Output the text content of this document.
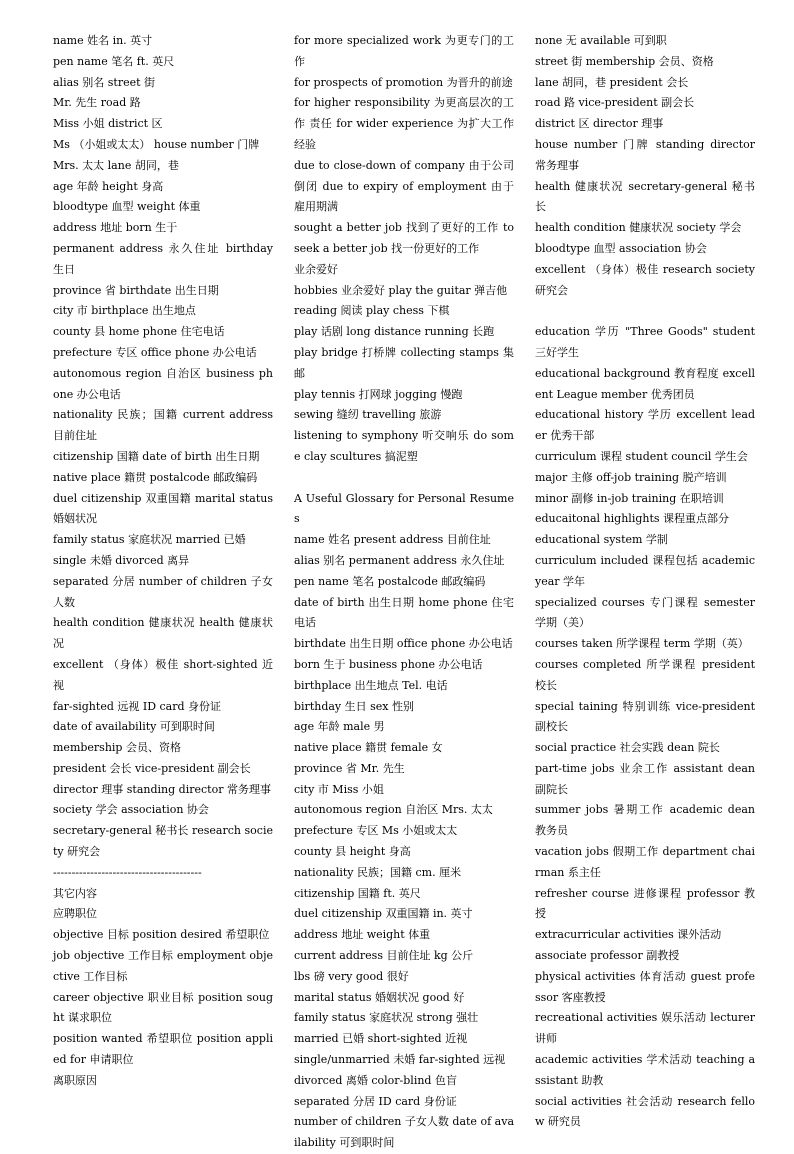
name 姓名 in. 英寸
pen name 笔名 ft. 英尺
alias 别名 street 街
Mr. 先生 road 路
Miss 小姐 district 区
Ms （小姐或太太） house number 门牌
Mrs. 太太 lane 胡同，巷
age 年龄 height 身高
bloodtype 血型 weight 体重
address 地址 born 生于
permanent address 永久住址 birthday 生日
province 省 birthdate 出生日期
city 市 birthplace 出生地点
county 县 home phone 住宅电话
prefecture 专区 office phone 办公电话
autonomous region 自治区 business phone 办公电话
nationality 民族；国籍 current address 目前住址
citizenship 国籍 date of birth 出生日期
native place 籍贯 postalcode 邮政编码
duel citizenship 双重国籍 marital status 婚姻状况
family status 家庭状况 married 已婚
single 未婚 divorced 离异
separated 分居 number of children 子女人数
health condition 健康状况 health 健康状况
excellent （身体）极佳 short-sighted 近视
far-sighted 远视 ID card 身份证
date of availability 可到职时间
membership 会员、资格
president 会长 vice-president 副会长
director 理事 standing director 常务理事
society 学会 association 协会
secretary-general 秘书长 research society 研究会
----------------------------------------
其它内容
应聘职位
objective 目标 position desired 希望职位
job objective 工作目标 employment objective 工作目标
career objective 职业目标 position sought 谋求职位
position wanted 希望职位 position applied for 申请职位
离职原因
for more specialized work 为更专门的工作
for prospects of promotion 为晋升的前途
for higher responsibility 为更高层次的工作 责任 for wider experience 为扩大工作经验
due to close-down of company 由于公司倒闭 due to expiry of employment 由于雇用期满
sought a better job 找到了更好的工作 to seek a better job 找一份更好的工作
业余爱好
hobbies 业余爱好 play the guitar 弹吉他
reading 阅读 play chess 下棋
play 话剧 long distance running 长跑
play bridge 打桥牌 collecting stamps 集邮
play tennis 打网球 jogging 慢跑
sewing 缝纫 travelling 旅游
listening to symphony 听交响乐 do some clay scultures 搞泥塑
A Useful Glossary for Personal Resumes
name 姓名 present address 目前住址
alias 别名 permanent address 永久住址
pen name 笔名 postalcode 邮政编码
date of birth 出生日期 home phone 住宅电话
birthdate 出生日期 office phone 办公电话
born 生于 business phone 办公电话
birthplace 出生地点 Tel. 电话
birthday 生日 sex 性别
age 年龄 male 男
native place 籍贯 female 女
province 省 Mr. 先生
city 市 Miss 小姐
autonomous region 自治区 Mrs. 太太
prefecture 专区 Ms 小姐或太太
county 县 height 身高
nationality 民族；国籍 cm. 厘米
citizenship 国籍 ft. 英尺
duel citizenship 双重国籍 in. 英寸
address 地址 weight 体重
current address 目前住址 kg 公斤
lbs 磅 very good 很好
marital status 婚姻状况 good 好
family status 家庭状况 strong 强壮
married 已婚 short-sighted 近视
single/unmarried 未婚 far-sighted 远视
divorced 离婚 color-blind 色盲
separated 分居 ID card 身份证
number of children 子女人数 date of availability 可到职时间
none 无 available 可到职
street 街 membership 会员、资格
lane 胡同，巷 president 会长
road 路 vice-president 副会长
district 区 director 理事
house number 门牌 standing director 常务理事
health 健康状况 secretary-general 秘书长
health condition 健康状况 society 学会
bloodtype 血型 association 协会
excellent （身体）极佳 research society 研究会
education 学历 "Three Goods" student 三好学生
educational background 教育程度 excellent League member 优秀团员
educational history 学历 excellent leader 优秀干部
curriculum 课程 student council 学生会
major 主修 off-job training 脱产培训
minor 副修 in-job training 在职培训
educaitonal highlights 课程重点部分
educational system 学制
curriculum included 课程包括 academic year 学年
specialized courses 专门课程 semester 学期（美）
courses taken 所学课程 term 学期（英）
courses completed 所学课程 president 校长
special taining 特别训练 vice-president 副校长
social practice 社会实践 dean 院长
part-time jobs 业余工作 assistant dean 副院长
summer jobs 暑期工作 academic dean 教务员
vacation jobs 假期工作 department chairman 系主任
refresher course 进修课程 professor 教授
extracurricular activities 课外活动
associate professor 副教授
physical activities 体育活动 guest professor 客座教授
recreational activities 娱乐活动 lecturer 讲师
academic activities 学术活动 teaching assistant 助教
social activities 社会活动 research fellow 研究员
